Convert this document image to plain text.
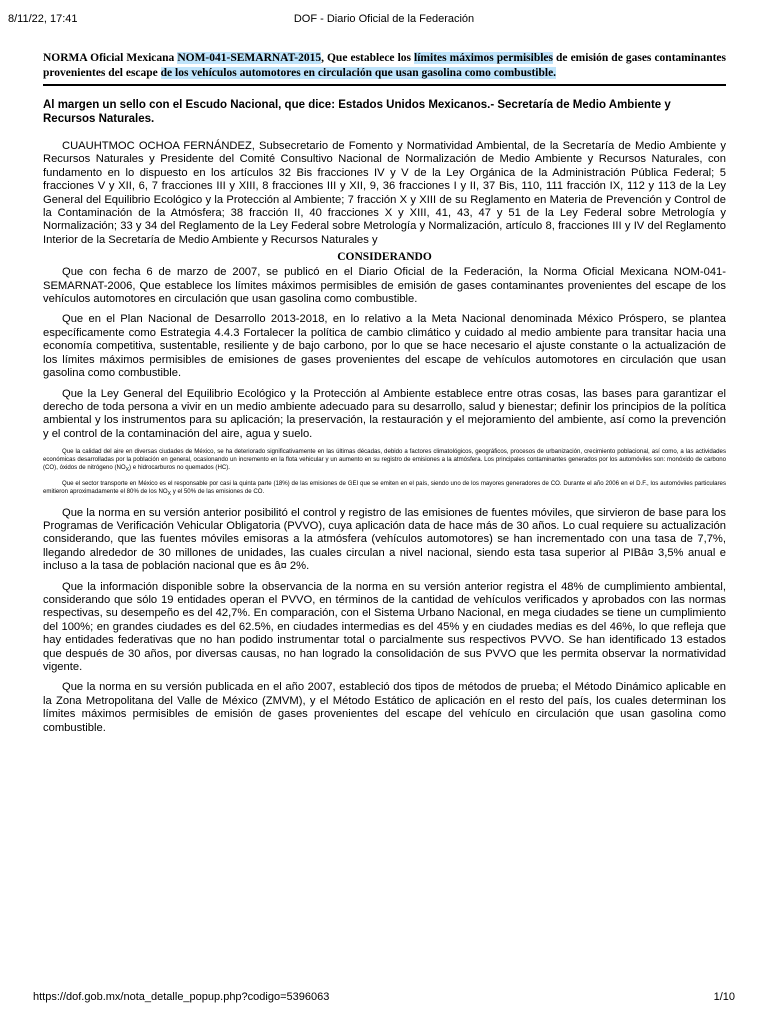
8/11/22, 17:41	DOF - Diario Oficial de la Federación

NORMA Oficial Mexicana NOM-041-SEMARNAT-2015, Que establece los límites máximos permisibles de emisión de gases contaminantes provenientes del escape de los vehículos automotores en circulación que usan gasolina como combustible.

Al margen un sello con el Escudo Nacional, que dice: Estados Unidos Mexicanos.- Secretaría de Medio Ambiente y Recursos Naturales.

CUAUHTMOC OCHOA FERNÁNDEZ, Subsecretario de Fomento y Normatividad Ambiental, de la Secretaría de Medio Ambiente y Recursos Naturales y Presidente del Comité Consultivo Nacional de Normalización de Medio Ambiente y Recursos Naturales, con fundamento en lo dispuesto en los artículos 32 Bis fracciones IV y V de la Ley Orgánica de la Administración Pública Federal; 5 fracciones V y XII, 6, 7 fracciones III y XIII, 8 fracciones III y XII, 9, 36 fracciones I y II, 37 Bis, 110, 111 fracción IX, 112 y 113 de la Ley General del Equilibrio Ecológico y la Protección al Ambiente; 7 fracción X y XIII de su Reglamento en Materia de Prevención y Control de la Contaminación de la Atmósfera; 38 fracción II, 40 fracciones X y XIII, 41, 43, 47 y 51 de la Ley Federal sobre Metrología y Normalización; 33 y 34 del Reglamento de la Ley Federal sobre Metrología y Normalización, artículo 8, fracciones III y IV del Reglamento Interior de la Secretaría de Medio Ambiente y Recursos Naturales y

CONSIDERANDO

Que con fecha 6 de marzo de 2007, se publicó en el Diario Oficial de la Federación, la Norma Oficial Mexicana NOM-041-SEMARNAT-2006, Que establece los límites máximos permisibles de emisión de gases contaminantes provenientes del escape de los vehículos automotores en circulación que usan gasolina como combustible.

Que en el Plan Nacional de Desarrollo 2013-2018, en lo relativo a la Meta Nacional denominada México Próspero, se plantea específicamente como Estrategia 4.4.3 Fortalecer la política de cambio climático y cuidado al medio ambiente para transitar hacia una economía competitiva, sustentable, resiliente y de bajo carbono, por lo que se hace necesario el ajuste constante o la actualización de los límites máximos permisibles de emisiones de gases provenientes del escape de vehículos automotores en circulación que usan gasolina como combustible.

Que la Ley General del Equilibrio Ecológico y la Protección al Ambiente establece entre otras cosas, las bases para garantizar el derecho de toda persona a vivir en un medio ambiente adecuado para su desarrollo, salud y bienestar; definir los principios de la política ambiental y los instrumentos para su aplicación; la preservación, la restauración y el mejoramiento del ambiente, así como la prevención y el control de la contaminación del aire, agua y suelo.

Que la calidad del aire en diversas ciudades de México, se ha deteriorado significativamente en las últimas décadas, debido a factores climatológicos, geográficos, procesos de urbanización, crecimiento poblacional, así como, a las actividades económicas desarrolladas por la población en general, ocasionando un incremento en la flota vehicular y un aumento en su registro de emisiones a la atmósfera. Los principales contaminantes generados por los automóviles son: monóxido de carbono (CO), óxidos de nitrógeno $(NO_X)$ e hidrocarburos no quemados (HC).

Que el sector transporte en México es el responsable por casi la quinta parte (18%) de las emisiones de GEI que se emiten en el país, siendo uno de los mayores generadores de CO. Durante el año 2006 en el D.F., los automóviles particulares emitieron aproximadamente el 80% de los $NO_X$ y el 50% de las emisiones de CO.

Que la norma en su versión anterior posibilitó el control y registro de las emisiones de fuentes móviles, que sirvieron de base para los Programas de Verificación Vehicular Obligatoria (PVVO), cuya aplicación data de hace más de 30 años. Lo cual requiere su actualización considerando, que las fuentes móviles emisoras a la atmósfera (vehículos automotores) se han incrementado con una tasa de 7,7%, llegando alrededor de 30 millones de unidades, las cuales circulan a nivel nacional, siendo esta tasa superior al PIBâ¤ 3,5% anual e incluso a la tasa de población nacional que es â¤ 2%.

Que la información disponible sobre la observancia de la norma en su versión anterior registra el 48% de cumplimiento ambiental, considerando que sólo 19 entidades operan el PVVO, en términos de la cantidad de vehículos verificados y aprobados con las normas respectivas, su desempeño es del 42,7%. En comparación, con el Sistema Urbano Nacional, en mega ciudades se tiene un cumplimiento del 100%; en grandes ciudades es del 62.5%, en ciudades intermedias es del 45% y en ciudades medias es del 46%, lo que refleja que hay entidades federativas que no han podido instrumentar total o parcialmente sus respectivos PVVO. Se han identificado 13 estados que después de 30 años, por diversas causas, no han logrado la consolidación de sus PVVO que les permita observar la normatividad vigente.

Que la norma en su versión publicada en el año 2007, estableció dos tipos de métodos de prueba; el Método Dinámico aplicable en la Zona Metropolitana del Valle de México (ZMVM), y el Método Estático de aplicación en el resto del país, los cuales determinan los límites máximos permisibles de emisión de gases provenientes del escape del vehículo en circulación que usan gasolina como combustible.

https://dof.gob.mx/nota_detalle_popup.php?codigo=5396063	1/10
